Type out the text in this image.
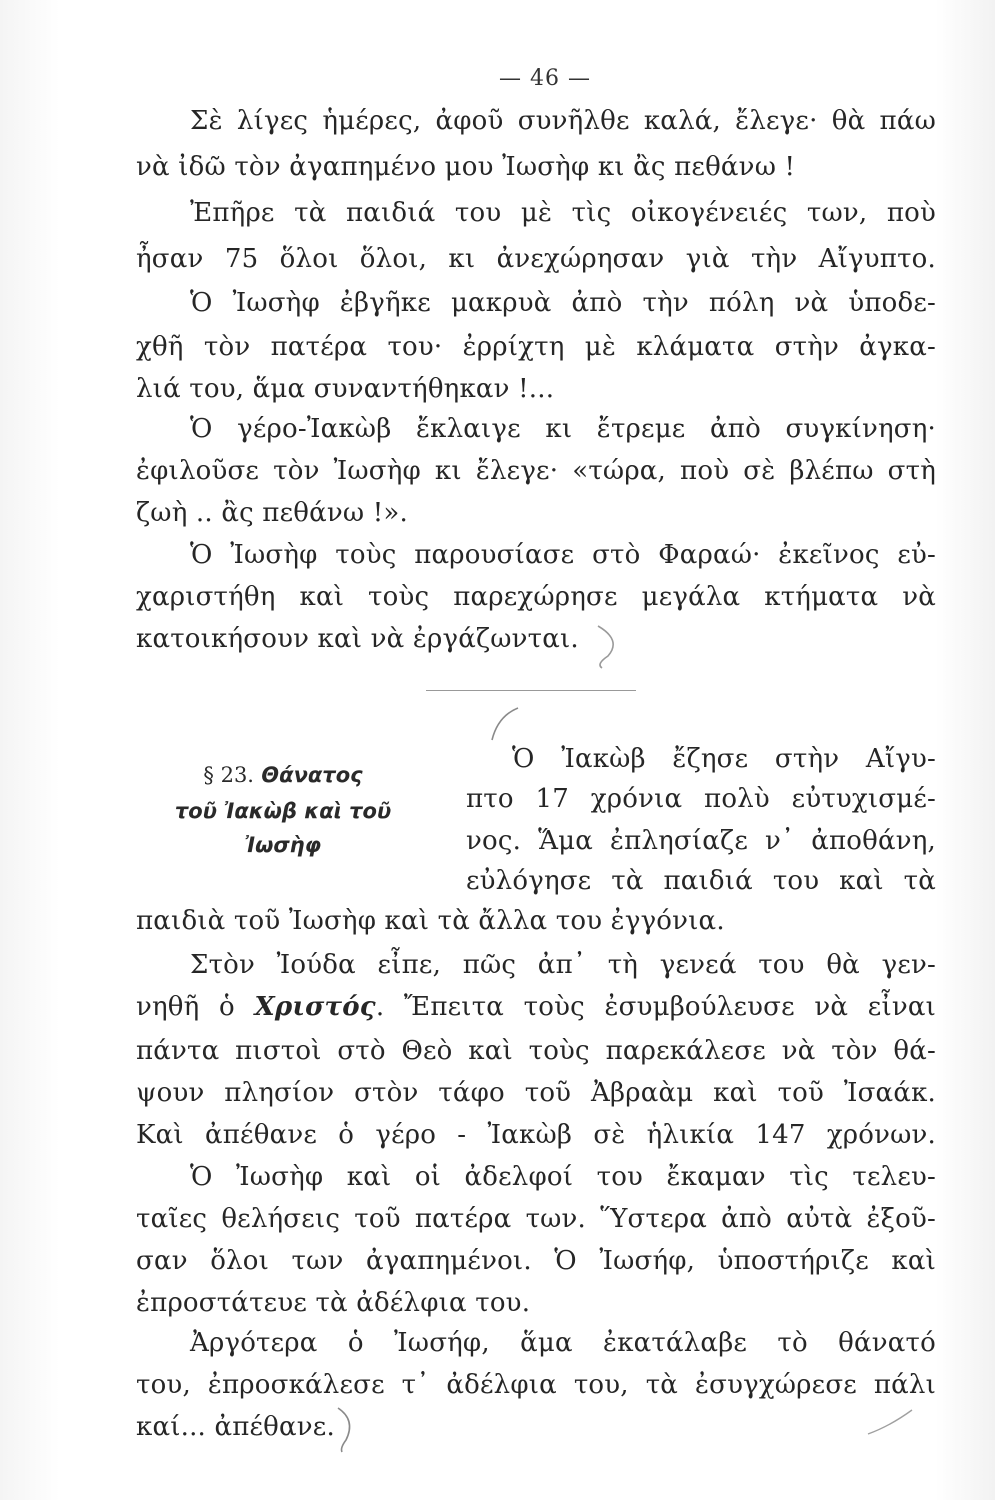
— 46 —
Σὲ λίγες ἡμέρες, ἀφοῦ συνῆλθε καλά, ἔλεγε· θὰ πάω
νὰ ἰδῶ τὸν ἀγαπημένο μου Ἰωσὴφ κι ἂς πεθάνω !
Ἐπῆρε τὰ παιδιά του μὲ τὶς οἰκογένειές των, ποὺ
ἦσαν 75 ὅλοι ὅλοι, κι ἀνεχώρησαν γιὰ τὴν Αἴγυπτο.
Ὁ Ἰωσὴφ ἐβγῆκε μακρυὰ ἀπὸ τὴν πόλη νὰ ὑποδε-
χθῆ τὸν πατέρα του· ἐρρίχτη μὲ κλάματα στὴν ἀγκα-
λιά του, ἅμα συναντήθηκαν !...
Ὁ γέρο-Ἰακὼβ ἔκλαιγε κι ἔτρεμε ἀπὸ συγκίνηση·
ἐφιλοῦσε τὸν Ἰωσὴφ κι ἔλεγε· «τώρα, ποὺ σὲ βλέπω στὴ
ζωὴ .. ἂς πεθάνω !».
Ὁ Ἰωσὴφ τοὺς παρουσίασε στὸ Φαραώ· ἐκεῖνος εὐ-
χαριστήθη καὶ τοὺς παρεχώρησε μεγάλα κτήματα νὰ
κατοικήσουν καὶ νὰ ἐργάζωνται.
§ 23. Θάνατος
τοῦ Ἰακὼβ καὶ τοῦ
Ἰωσὴφ
Ὁ Ἰακὼβ ἔζησε στὴν Αἴγυ-
πτο 17 χρόνια πολὺ εὐτυχισμέ-
νος. Ἅμα ἐπλησίαζε ν᾽ ἀποθάνη,
εὐλόγησε τὰ παιδιά του καὶ τὰ
παιδιὰ τοῦ Ἰωσὴφ καὶ τὰ ἄλλα του ἐγγόνια.
Στὸν Ἰούδα εἶπε, πῶς ἀπ᾽ τὴ γενεά του θὰ γεν-
νηθῆ ὁ Χριστός. Ἔπειτα τοὺς ἐσυμβούλευσε νὰ εἶναι
πάντα πιστοὶ στὸ Θεὸ καὶ τοὺς παρεκάλεσε νὰ τὸν θά-
ψουν πλησίον στὸν τάφο τοῦ Ἀβραὰμ καὶ τοῦ Ἰσαάκ.
Καὶ ἀπέθανε ὁ γέρο - Ἰακὼβ σὲ ἡλικία 147 χρόνων.
Ὁ Ἰωσὴφ καὶ οἱ ἀδελφοί του ἔκαμαν τὶς τελευ-
ταῖες θελήσεις τοῦ πατέρα των. Ὕστερα ἀπὸ αὐτὰ ἐξοῦ-
σαν ὅλοι των ἀγαπημένοι. Ὁ Ἰωσήφ, ὑποστήριζε καὶ
ἐπροστάτευε τὰ ἀδέλφια του.
Ἀργότερα ὁ Ἰωσήφ, ἅμα ἐκατάλαβε τὸ θάνατό
του, ἐπροσκάλεσε τ᾽ ἀδέλφια του, τὰ ἐσυγχώρεσε πάλι
καί... ἀπέθανε.
